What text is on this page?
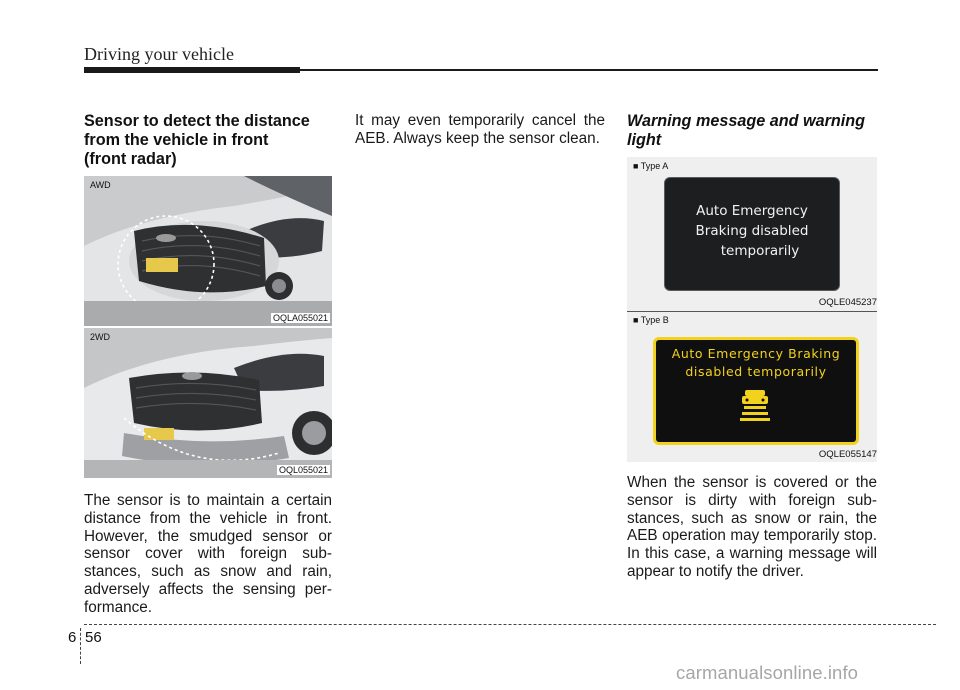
Driving your vehicle
Sensor to detect the distance
from the vehicle in front
(front radar)
AWD
OQLA055021
2WD
OQL055021

The sensor is to maintain a certain
distance from the vehicle in front.
However, the smudged sensor or
sensor cover with foreign sub-
stances, such as snow and rain,
adversely affects the sensing per-
formance.

It may even temporarily cancel the
AEB. Always keep the sensor clean.

Warning message and warning
light
■ Type A
Auto Emergency
Braking disabled
temporarily
OQLE045237
■ Type B
Auto Emergency Braking
disabled temporarily
OQLE055147

When the sensor is covered or the
sensor is dirty with foreign sub-
stances, such as snow or rain, the
AEB operation may temporarily stop.
In this case, a warning message will
appear to notify the driver.

6 56
carmanualsonline.info
